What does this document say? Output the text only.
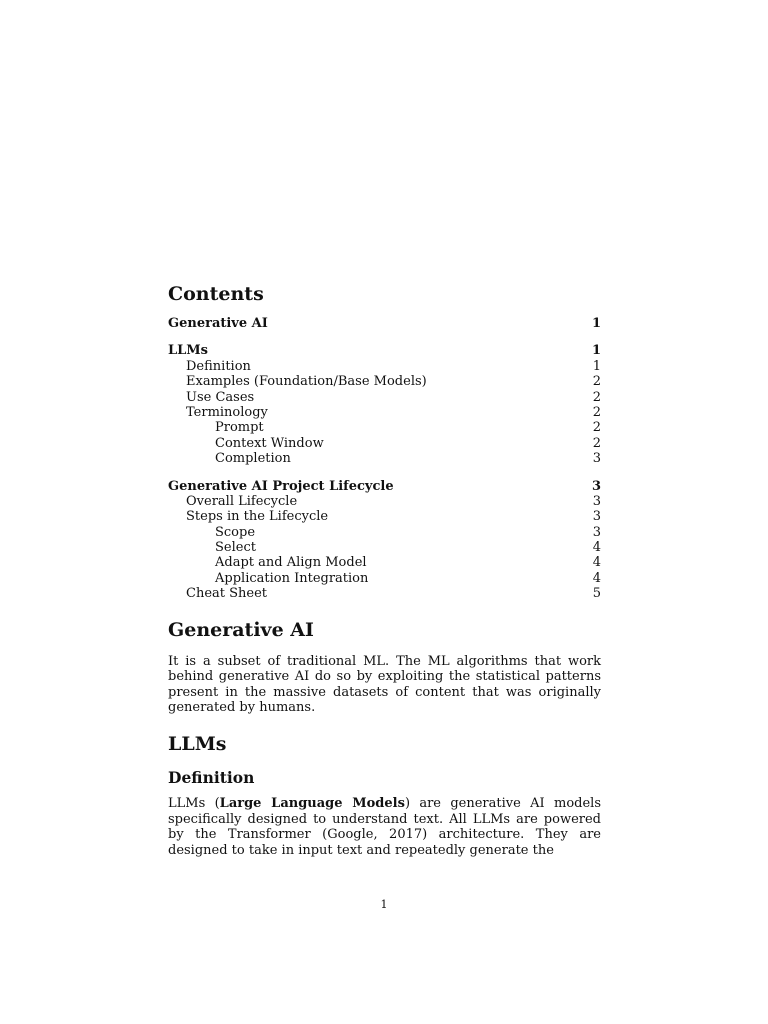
Contents
Generative AI	1
LLMs	1
Definition	1
Examples (Foundation/Base Models)	2
Use Cases	2
Terminology	2
Prompt	2
Context Window	2
Completion	3
Generative AI Project Lifecycle	3
Overall Lifecycle	3
Steps in the Lifecycle	3
Scope	3
Select	4
Adapt and Align Model	4
Application Integration	4
Cheat Sheet	5
Generative AI

It is a subset of traditional ML. The ML algorithms that work behind generative AI do so by exploiting the statistical patterns present in the massive datasets of content that was originally generated by humans.

LLMs
Definition

LLMs (Large Language Models) are generative AI models specifically designed to understand text. All LLMs are powered by the Transformer (Google, 2017) architecture. They are designed to take in input text and repeatedly generate the

1
